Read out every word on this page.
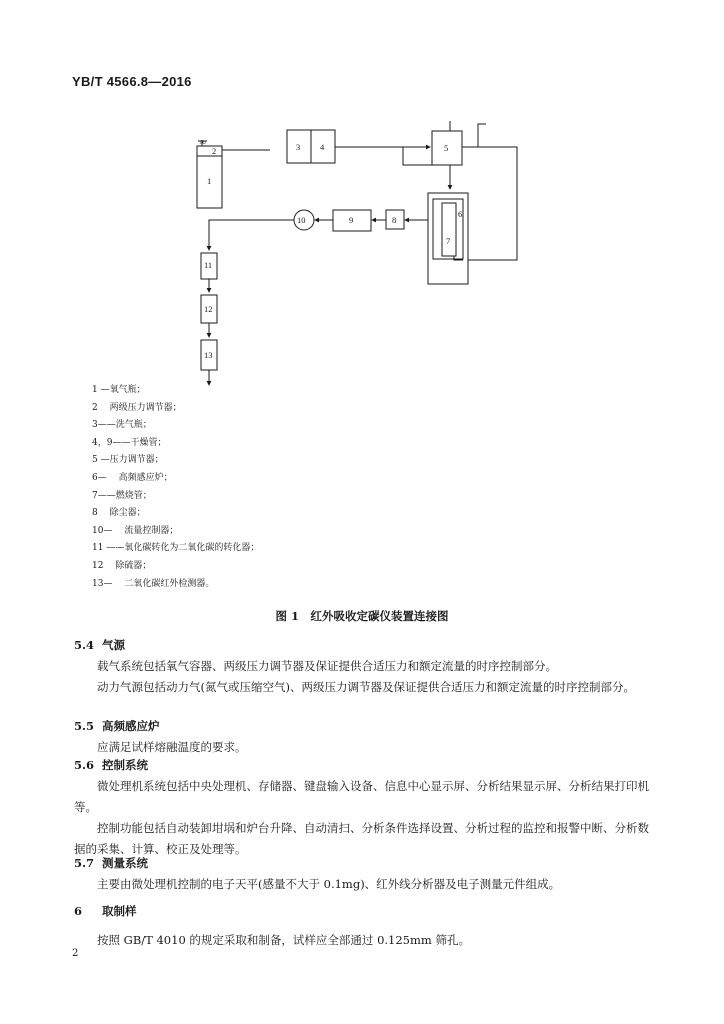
YB/T 4566.8—2016
∞
2
1
3 4	5
6
7
8
9
10
11
12
13
1 —氧气瓶；
2 　两级压力调节器；
3——洗气瓶；
4，9——干燥管；
5 —压力调节器；
6— 　高频感应炉；
7——燃烧管；
8 　除尘器；
10— 　流量控制器；
11 ——氧化碳转化为二氧化碳的转化器；
12 　除硫器；
13— 　二氧化碳红外检测器。
图 1　红外吸收定碳仪装置连接图
5.4 气源
载气系统包括氧气容器、两级压力调节器及保证提供合适压力和额定流量的时序控制部分。
动力气源包括动力气(氮气或压缩空气)、两级压力调节器及保证提供合适压力和额定流量的时序控制部分。
5.5 高频感应炉
应满足试样熔融温度的要求。
5.6 控制系统
微处理机系统包括中央处理机、存储器、键盘输入设备、信息中心显示屏、分析结果显示屏、分析结果打印机等。
控制功能包括自动装卸坩埚和炉台升降、自动清扫、分析条件选择设置、分析过程的监控和报警中断、分析数据的采集、计算、校正及处理等。
5.7 测量系统
主要由微处理机控制的电子天平(感量不大于 0.1mg)、红外线分析器及电子测量元件组成。
6 取制样
按照 GB/T 4010 的规定采取和制备，试样应全部通过 0.125mm 筛孔。
2
